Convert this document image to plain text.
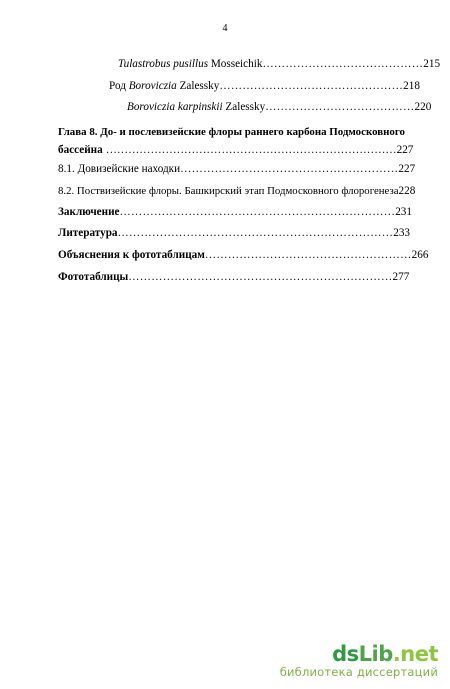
4
Tulastrobus pusillus Mosseichik …………………………………… 215
Род Boroviczia Zalessky ………………………………………… 218
Boroviczia karpinskii Zalessky ………………………………… 220
Глава 8. До- и послевизейские флоры раннего карбона Подмосковного
бассейна …………………………………………………………………… 227
8.1. Довизейские находки ………………………………………………… 227
8.2. Поствизейские флоры. Башкирский этап Подмосковного флорогенеза 228
Заключение ……………………………………………………………… 231
Литература ……………………………………………………………… 233
Объяснения к фототаблицам ……………………………………………… 266
Фототаблицы …………………………………………………………… 277
dsLib.net
библиотека диссертаций
